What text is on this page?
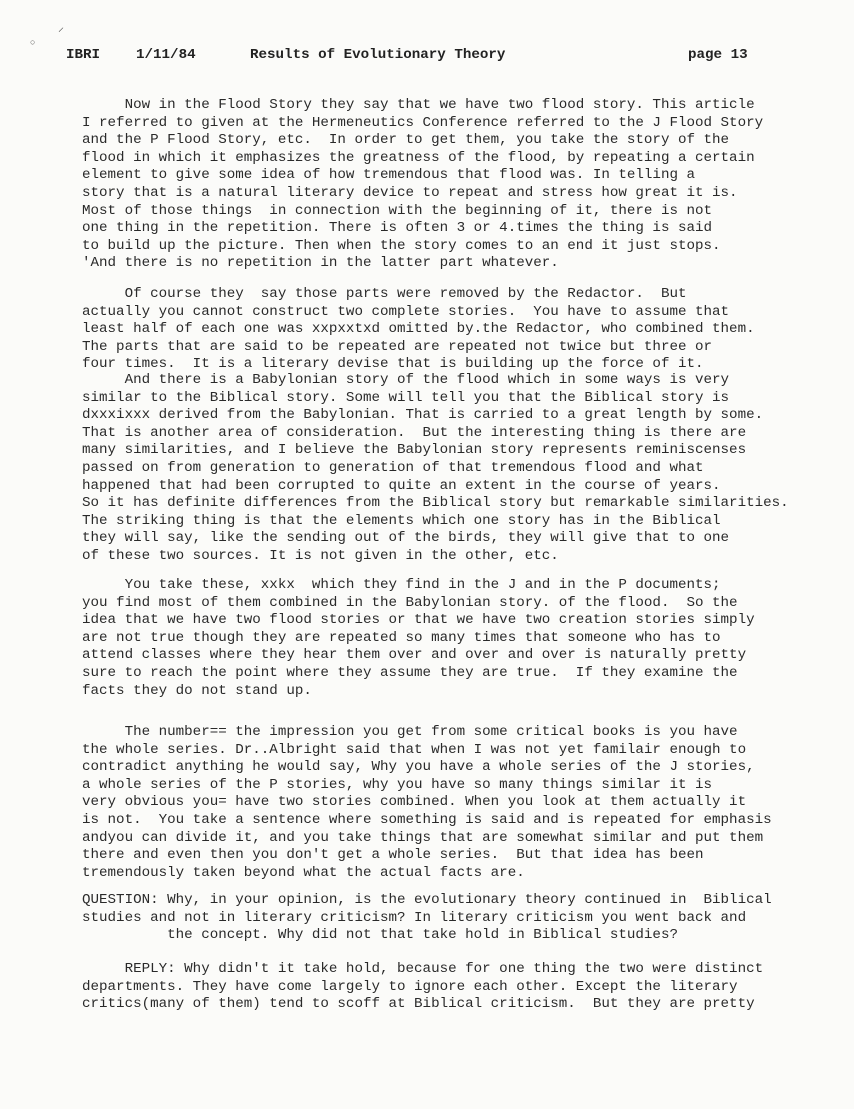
IBRI	1/11/84	Results of Evolutionary Theory	page 13
⸝
○
Now in the Flood Story they say that we have two flood story. This article
I referred to given at the Hermeneutics Conference referred to the J Flood Story
and the P Flood Story, etc.  In order to get them, you take the story of the
flood in which it emphasizes the greatness of the flood, by repeating a certain
element to give some idea of how tremendous that flood was. In telling a
story that is a natural literary device to repeat and stress how great it is.
Most of those things  in connection with the beginning of it, there is not
one thing in the repetition. There is often 3 or 4.times the thing is said
to build up the picture. Then when the story comes to an end it just stops.
'And there is no repetition in the latter part whatever.
Of course they  say those parts were removed by the Redactor.  But
actually you cannot construct two complete stories.  You have to assume that
least half of each one was xxpxxtxd omitted by.the Redactor, who combined them.
The parts that are said to be repeated are repeated not twice but three or
four times.  It is a literary devise that is building up the force of it.
And there is a Babylonian story of the flood which in some ways is very
similar to the Biblical story. Some will tell you that the Biblical story is
dxxxixxx derived from the Babylonian. That is carried to a great length by some.
That is another area of consideration.  But the interesting thing is there are
many similarities, and I believe the Babylonian story represents reminiscenses
passed on from generation to generation of that tremendous flood and what
happened that had been corrupted to quite an extent in the course of years.
So it has definite differences from the Biblical story but remarkable similarities.
The striking thing is that the elements which one story has in the Biblical
they will say, like the sending out of the birds, they will give that to one
of these two sources. It is not given in the other, etc.
You take these, xxkx  which they find in the J and in the P documents;
you find most of them combined in the Babylonian story. of the flood.  So the
idea that we have two flood stories or that we have two creation stories simply
are not true though they are repeated so many times that someone who has to
attend classes where they hear them over and over and over is naturally pretty
sure to reach the point where they assume they are true.  If they examine the
facts they do not stand up.
The number== the impression you get from some critical books is you have
the whole series. Dr..Albright said that when I was not yet familair enough to
contradict anything he would say, Why you have a whole series of the J stories,
a whole series of the P stories, why you have so many things similar it is
very obvious you= have two stories combined. When you look at them actually it
is not.  You take a sentence where something is said and is repeated for emphasis
andyou can divide it, and you take things that are somewhat similar and put them
there and even then you don't get a whole series.  But that idea has been
tremendously taken beyond what the actual facts are.
QUESTION: Why, in your opinion, is the evolutionary theory continued in  Biblical
studies and not in literary criticism? In literary criticism you went back and
the concept. Why did not that take hold in Biblical studies?
REPLY: Why didn't it take hold, because for one thing the two were distinct
departments. They have come largely to ignore each other. Except the literary
critics(many of them) tend to scoff at Biblical criticism.  But they are pretty
